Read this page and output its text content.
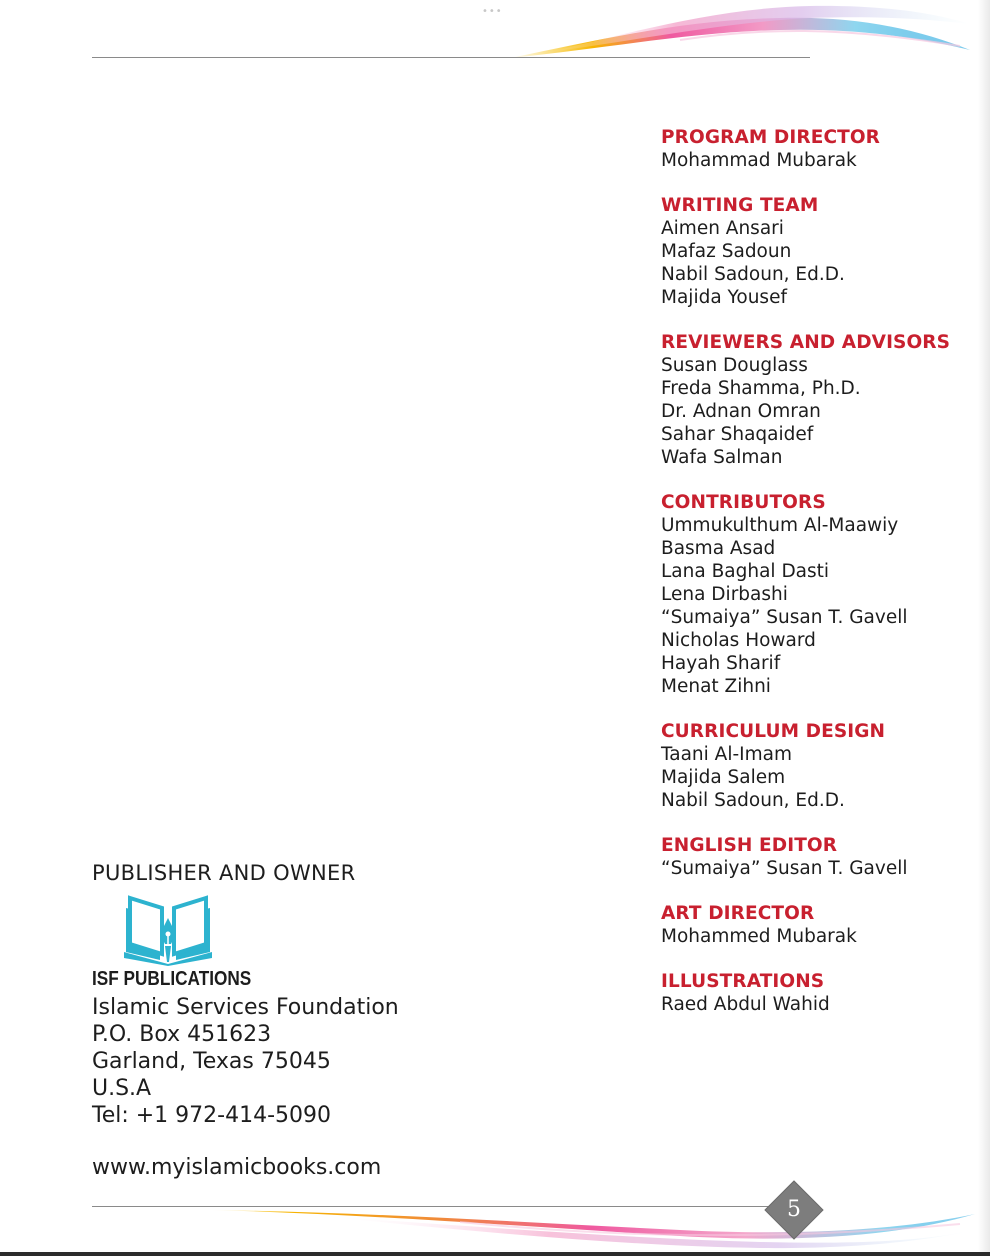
•••
PROGRAM DIRECTOR
Mohammad Mubarak
WRITING TEAM
Aimen Ansari
Mafaz Sadoun
Nabil Sadoun, Ed.D.
Majida Yousef
REVIEWERS AND ADVISORS
Susan Douglass
Freda Shamma, Ph.D.
Dr. Adnan Omran
Sahar Shaqaidef
Wafa Salman
CONTRIBUTORS
Ummukulthum Al-Maawiy
Basma Asad
Lana Baghal Dasti
Lena Dirbashi
“Sumaiya” Susan T. Gavell
Nicholas Howard
Hayah Sharif
Menat Zihni
CURRICULUM DESIGN
Taani Al-Imam
Majida Salem
Nabil Sadoun, Ed.D.
ENGLISH EDITOR
“Sumaiya” Susan T. Gavell
ART DIRECTOR
Mohammed Mubarak
ILLUSTRATIONS
Raed Abdul Wahid
PUBLISHER AND OWNER
ISF PUBLICATIONS
Islamic Services Foundation
P.O. Box 451623
Garland, Texas 75045
U.S.A
Tel: +1 972-414-5090
www.myislamicbooks.com
5
